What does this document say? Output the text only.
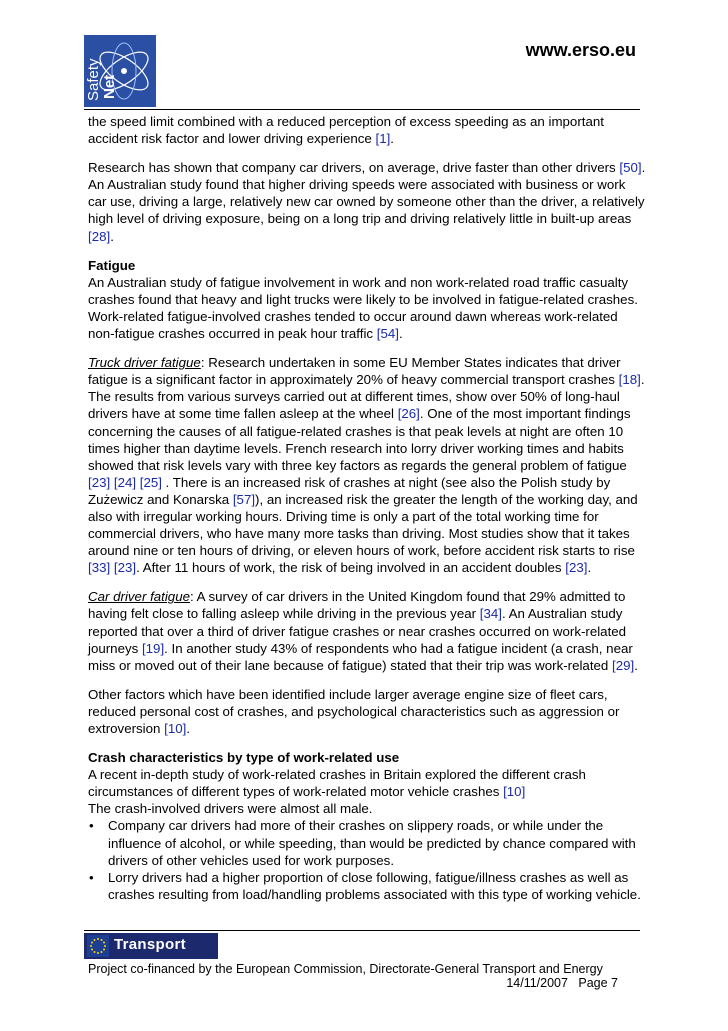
Safety Net
www.erso.eu

the speed limit combined with a reduced perception of excess speeding as an important accident risk factor and lower driving experience [1].

Research has shown that company car drivers, on average, drive faster than other drivers [50]. An Australian study found that higher driving speeds were associated with business or work car use, driving a large, relatively new car owned by someone other than the driver, a relatively high level of driving exposure, being on a long trip and driving relatively little in built-up areas [28].

Fatigue
An Australian study of fatigue involvement in work and non work-related road traffic casualty crashes found that heavy and light trucks were likely to be involved in fatigue-related crashes. Work-related fatigue-involved crashes tended to occur around dawn whereas work-related non-fatigue crashes occurred in peak hour traffic [54].

Truck driver fatigue: Research undertaken in some EU Member States indicates that driver fatigue is a significant factor in approximately 20% of heavy commercial transport crashes [18]. The results from various surveys carried out at different times, show over 50% of long-haul drivers have at some time fallen asleep at the wheel [26]. One of the most important findings concerning the causes of all fatigue-related crashes is that peak levels at night are often 10 times higher than daytime levels. French research into lorry driver working times and habits showed that risk levels vary with three key factors as regards the general problem of fatigue [23] [24] [25] . There is an increased risk of crashes at night (see also the Polish study by Zużewicz and Konarska [57]), an increased risk the greater the length of the working day, and also with irregular working hours. Driving time is only a part of the total working time for commercial drivers, who have many more tasks than driving. Most studies show that it takes around nine or ten hours of driving, or eleven hours of work, before accident risk starts to rise [33] [23]. After 11 hours of work, the risk of being involved in an accident doubles [23].

Car driver fatigue: A survey of car drivers in the United Kingdom found that 29% admitted to having felt close to falling asleep while driving in the previous year [34]. An Australian study reported that over a third of driver fatigue crashes or near crashes occurred on work-related journeys [19]. In another study 43% of respondents who had a fatigue incident (a crash, near miss or moved out of their lane because of fatigue) stated that their trip was work-related [29].

Other factors which have been identified include larger average engine size of fleet cars, reduced personal cost of crashes, and psychological characteristics such as aggression or extroversion [10].

Crash characteristics by type of work-related use
A recent in-depth study of work-related crashes in Britain explored the different crash circumstances of different types of work-related motor vehicle crashes [10]
The crash-involved drivers were almost all male.

• Company car drivers had more of their crashes on slippery roads, or while under the influence of alcohol, or while speeding, than would be predicted by chance compared with drivers of other vehicles used for work purposes.
• Lorry drivers had a higher proportion of close following, fatigue/illness crashes as well as crashes resulting from load/handling problems associated with this type of working vehicle.
Transport
Project co-financed by the European Commission, Directorate-General Transport and Energy
14/11/2007 Page 7
